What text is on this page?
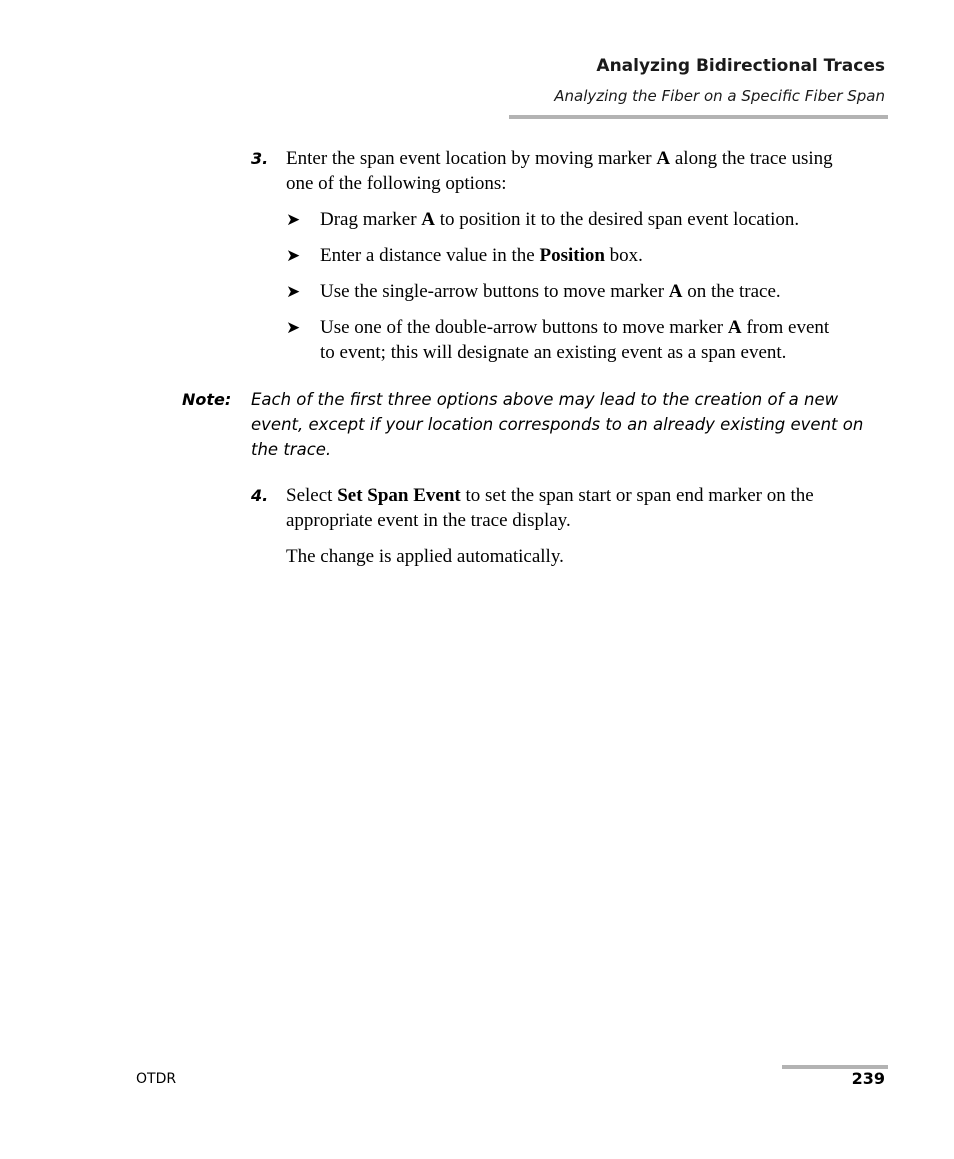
Analyzing Bidirectional Traces
Analyzing the Fiber on a Specific Fiber Span
3. Enter the span event location by moving marker A along the trace using
one of the following options:
➤ Drag marker A to position it to the desired span event location.
➤ Enter a distance value in the Position box.
➤ Use the single-arrow buttons to move marker A on the trace.
➤ Use one of the double-arrow buttons to move marker A from event
to event; this will designate an existing event as a span event.
Note: Each of the first three options above may lead to the creation of a new
event, except if your location corresponds to an already existing event on
the trace.
4. Select Set Span Event to set the span start or span end marker on the
appropriate event in the trace display.
The change is applied automatically.
OTDR	239
